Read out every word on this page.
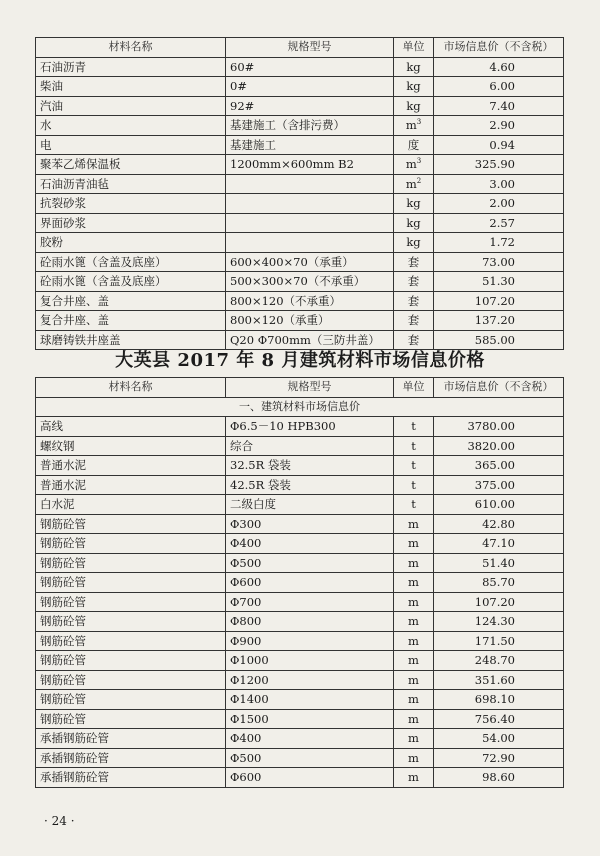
材料名称	规格型号	单位	市场信息价（不含税）
石油沥青	60#	kg	4.60
柴油	0#	kg	6.00
汽油	92#	kg	7.40
水	基建施工（含排污费）	$m^3$	2.90
电	基建施工	度	0.94
聚苯乙烯保温板	1200mm×600mm B2	$m^3$	325.90
石油沥青油毡		$m^2$	3.00
抗裂砂浆		kg	2.00
界面砂浆		kg	2.57
胶粉		kg	1.72
砼雨水篦（含盖及底座）	600×400×70（承重）	套	73.00
砼雨水篦（含盖及底座）	500×300×70（不承重）	套	51.30
复合井座、盖	800×120（不承重）	套	107.20
复合井座、盖	800×120（承重）	套	137.20
球磨铸铁井座盖	Q20 Φ700mm（三防井盖）	套	585.00
大英县 2017 年 8 月建筑材料市场信息价格
材料名称	规格型号	单位	市场信息价（不含税）
一、建筑材料市场信息价			
高线	Φ6.5－10 HPB300	t	3780.00
螺纹钢	综合	t	3820.00
普通水泥	32.5R 袋装	t	365.00
普通水泥	42.5R 袋装	t	375.00
白水泥	二级白度	t	610.00
钢筋砼管	Φ300	m	42.80
钢筋砼管	Φ400	m	47.10
钢筋砼管	Φ500	m	51.40
钢筋砼管	Φ600	m	85.70
钢筋砼管	Φ700	m	107.20
钢筋砼管	Φ800	m	124.30
钢筋砼管	Φ900	m	171.50
钢筋砼管	Φ1000	m	248.70
钢筋砼管	Φ1200	m	351.60
钢筋砼管	Φ1400	m	698.10
钢筋砼管	Φ1500	m	756.40
承插钢筋砼管	Φ400	m	54.00
承插钢筋砼管	Φ500	m	72.90
承插钢筋砼管	Φ600	m	98.60
· 24 ·
